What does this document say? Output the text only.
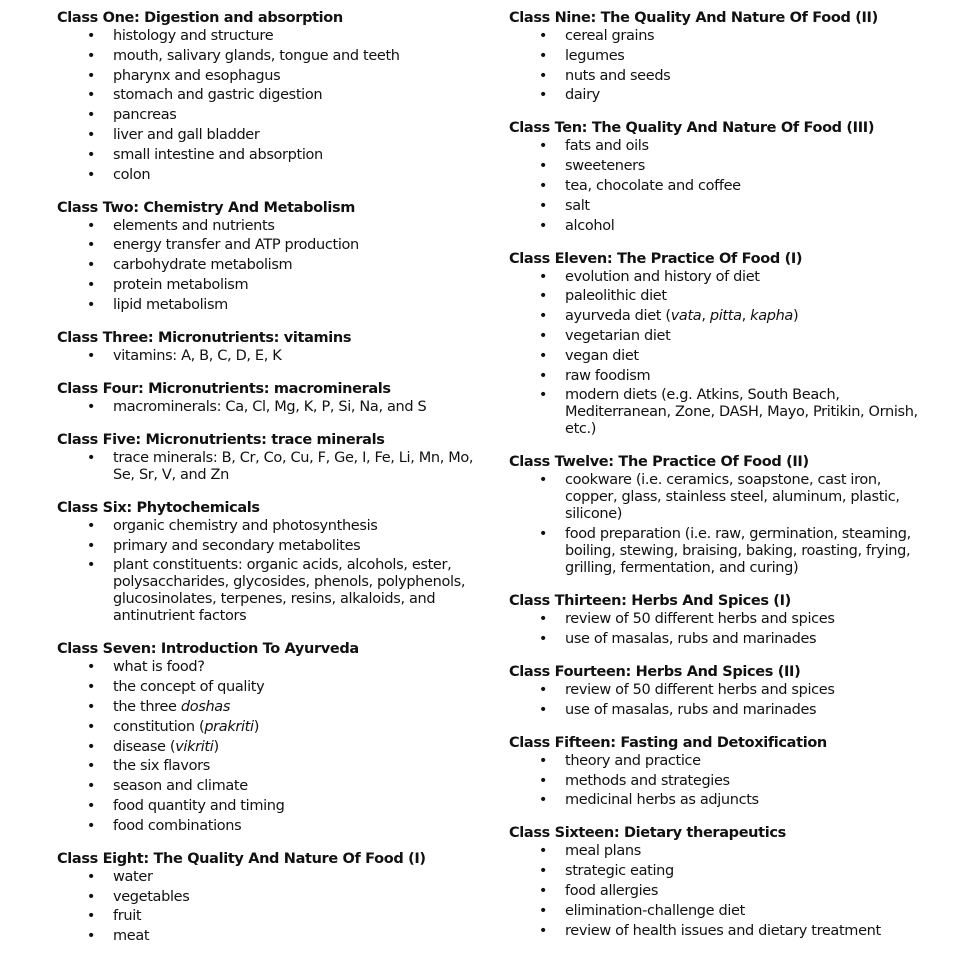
Class One: Digestion and absorption
•
histology and structure
•
mouth, salivary glands, tongue and teeth
•
pharynx and esophagus
•
stomach and gastric digestion
•
pancreas
•
liver and gall bladder
•
small intestine and absorption
•
colon
Class Two: Chemistry And Metabolism
•
elements and nutrients
•
energy transfer and ATP production
•
carbohydrate metabolism
•
protein metabolism
•
lipid metabolism
Class Three: Micronutrients: vitamins
•
vitamins: A, B, C, D, E, K
Class Four: Micronutrients: macrominerals
•
macrominerals: Ca, Cl, Mg, K, P, Si, Na, and S
Class Five: Micronutrients: trace minerals
•
trace minerals: B, Cr, Co, Cu, F, Ge, I, Fe, Li, Mn, Mo, Se, Sr, V, and Zn
Class Six: Phytochemicals
•
organic chemistry and photosynthesis
•
primary and secondary metabolites
•
plant constituents: organic acids, alcohols, ester, polysaccharides, glycosides, phenols, polyphenols, glucosinolates, terpenes, resins, alkaloids, and antinutrient factors
Class Seven: Introduction To Ayurveda
•
what is food?
•
the concept of quality
•
the three doshas
•
constitution (prakriti)
•
disease (vikriti)
•
the six flavors
•
season and climate
•
food quantity and timing
•
food combinations
Class Eight: The Quality And Nature Of Food (I)
•
water
•
vegetables
•
fruit
•
meat
Class Nine: The Quality And Nature Of Food (II)
•
cereal grains
•
legumes
•
nuts and seeds
•
dairy
Class Ten: The Quality And Nature Of Food (III)
•
fats and oils
•
sweeteners
•
tea, chocolate and coffee
•
salt
•
alcohol
Class Eleven: The Practice Of Food (I)
•
evolution and history of diet
•
paleolithic diet
•
ayurveda diet (vata, pitta, kapha)
•
vegetarian diet
•
vegan diet
•
raw foodism
•
modern diets (e.g. Atkins, South Beach, Mediterranean, Zone, DASH, Mayo, Pritikin, Ornish, etc.)
Class Twelve: The Practice Of Food (II)
•
cookware (i.e. ceramics, soapstone, cast iron, copper, glass, stainless steel, aluminum, plastic, silicone)
•
food preparation (i.e. raw, germination, steaming, boiling, stewing, braising, baking, roasting, frying, grilling, fermentation, and curing)
Class Thirteen: Herbs And Spices (I)
•
review of 50 different herbs and spices
•
use of masalas, rubs and marinades
Class Fourteen: Herbs And Spices (II)
•
review of 50 different herbs and spices
•
use of masalas, rubs and marinades
Class Fifteen: Fasting and Detoxification
•
theory and practice
•
methods and strategies
•
medicinal herbs as adjuncts
Class Sixteen: Dietary therapeutics
•
meal plans
•
strategic eating
•
food allergies
•
elimination-challenge diet
•
review of health issues and dietary treatment
